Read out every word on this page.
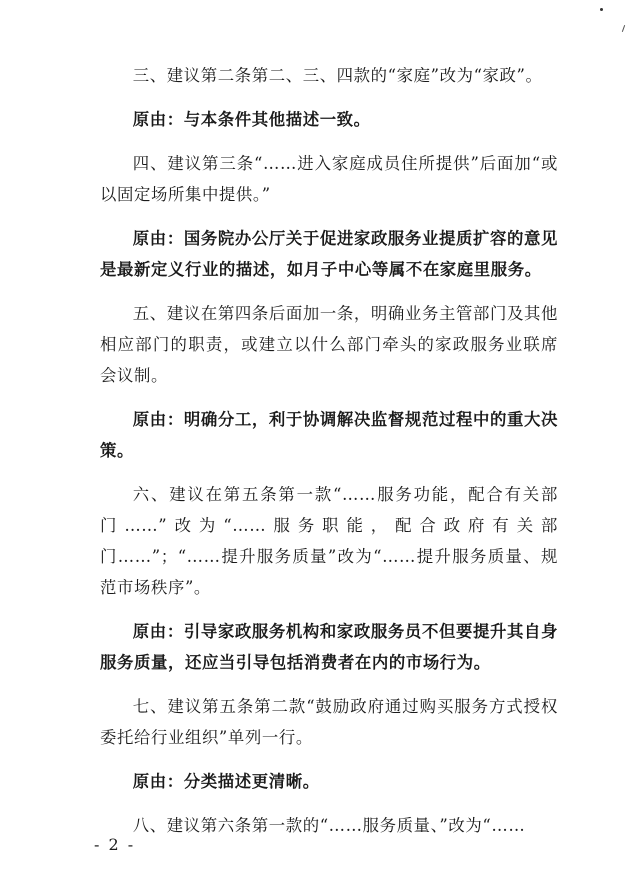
三、建议第二条第二、三、四款的“家庭”改为“家政”。

原由：与本条件其他描述一致。

四、建议第三条“……进入家庭成员住所提供”后面加“或以固定场所集中提供。”

原由：国务院办公厅关于促进家政服务业提质扩容的意见是最新定义行业的描述，如月子中心等属不在家庭里服务。

五、建议在第四条后面加一条，明确业务主管部门及其他相应部门的职责，或建立以什么部门牵头的家政服务业联席会议制。

原由：明确分工，利于协调解决监督规范过程中的重大决策。

六、建议在第五条第一款“……服务功能，配合有关部门……”改为“……服务职能，配合政府有关部门……”；“……提升服务质量”改为“……提升服务质量、规范市场秩序”。

原由：引导家政服务机构和家政服务员不但要提升其自身服务质量，还应当引导包括消费者在内的市场行为。

七、建议第五条第二款“鼓励政府通过购买服务方式授权委托给行业组织”单列一行。

原由：分类描述更清晰。

八、建议第六条第一款的“……服务质量、”改为“……

- 2 -
